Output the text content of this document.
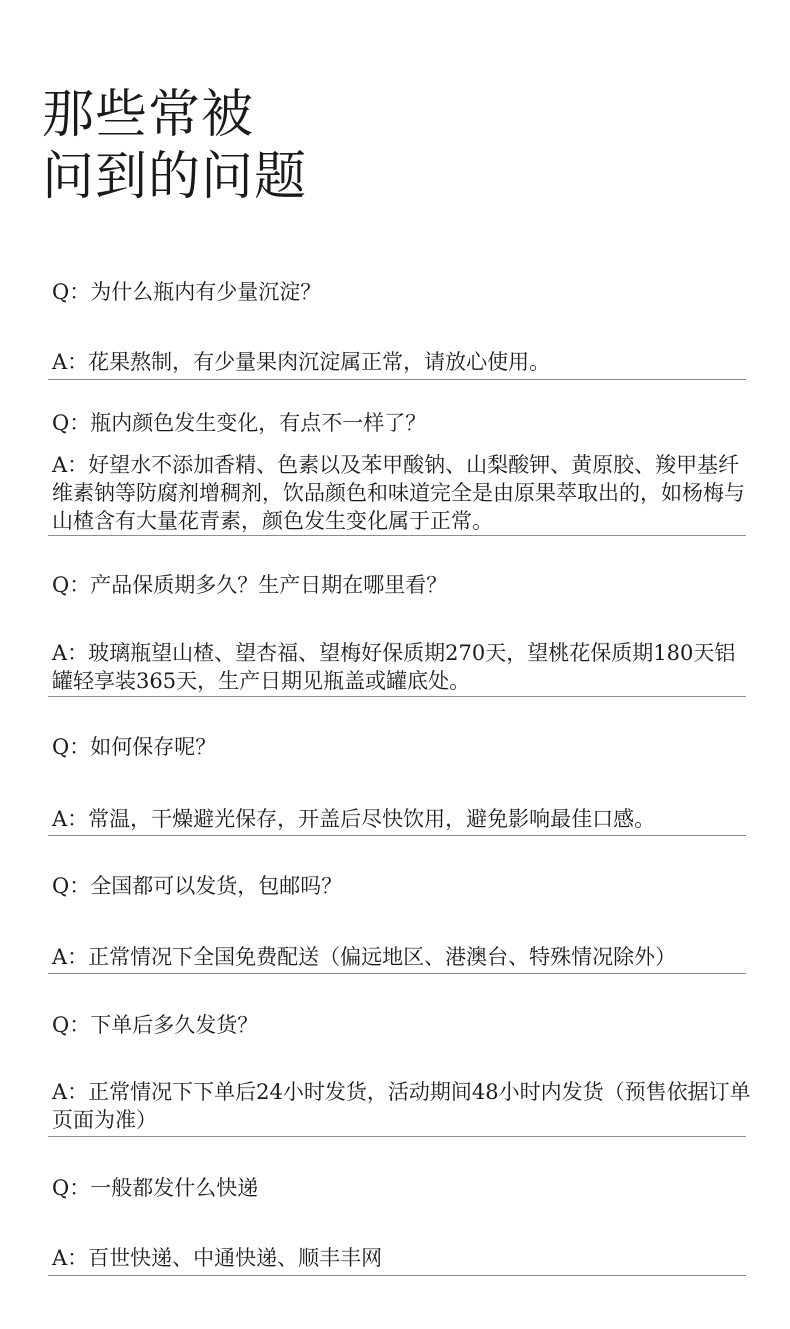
那些常被
问到的问题

Q：为什么瓶内有少量沉淀？

A：花果熬制，有少量果肉沉淀属正常，请放心使用。

Q：瓶内颜色发生变化，有点不一样了？

A：好望水不添加香精、色素以及苯甲酸钠、山梨酸钾、黄原胶、羧甲基纤维素钠等防腐剂增稠剂，饮品颜色和味道完全是由原果萃取出的，如杨梅与山楂含有大量花青素，颜色发生变化属于正常。

Q：产品保质期多久？生产日期在哪里看？

A：玻璃瓶望山楂、望杏福、望梅好保质期270天，望桃花保质期180天铝罐轻享装365天，生产日期见瓶盖或罐底处。

Q：如何保存呢？

A：常温，干燥避光保存，开盖后尽快饮用，避免影响最佳口感。

Q：全国都可以发货，包邮吗？

A：正常情况下全国免费配送（偏远地区、港澳台、特殊情况除外）

Q：下单后多久发货？

A：正常情况下下单后24小时发货，活动期间48小时内发货（预售依据订单页面为准）

Q：一般都发什么快递

A：百世快递、中通快递、顺丰丰网
